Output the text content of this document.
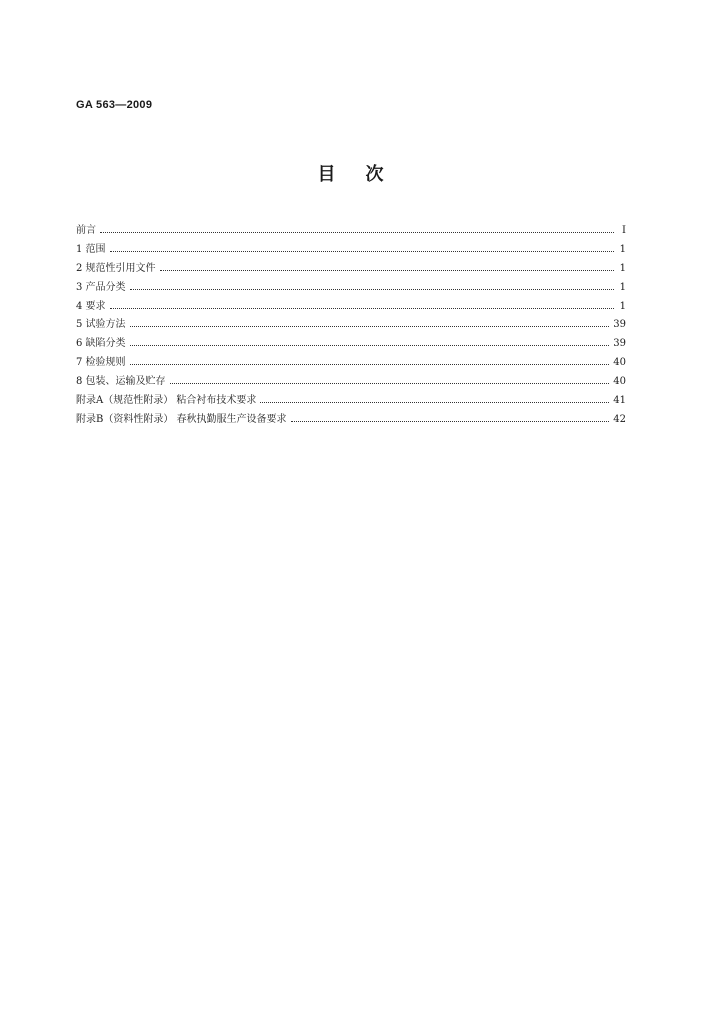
GA 563—2009
目次
前言	Ⅰ
1 范围	1
2 规范性引用文件	1
3 产品分类	1
4 要求	1
5 试验方法	39
6 缺陷分类	39
7 检验规则	40
8 包装、运输及贮存	40
附录A（规范性附录） 粘合衬布技术要求	41
附录B（资料性附录） 春秋执勤服生产设备要求	42
